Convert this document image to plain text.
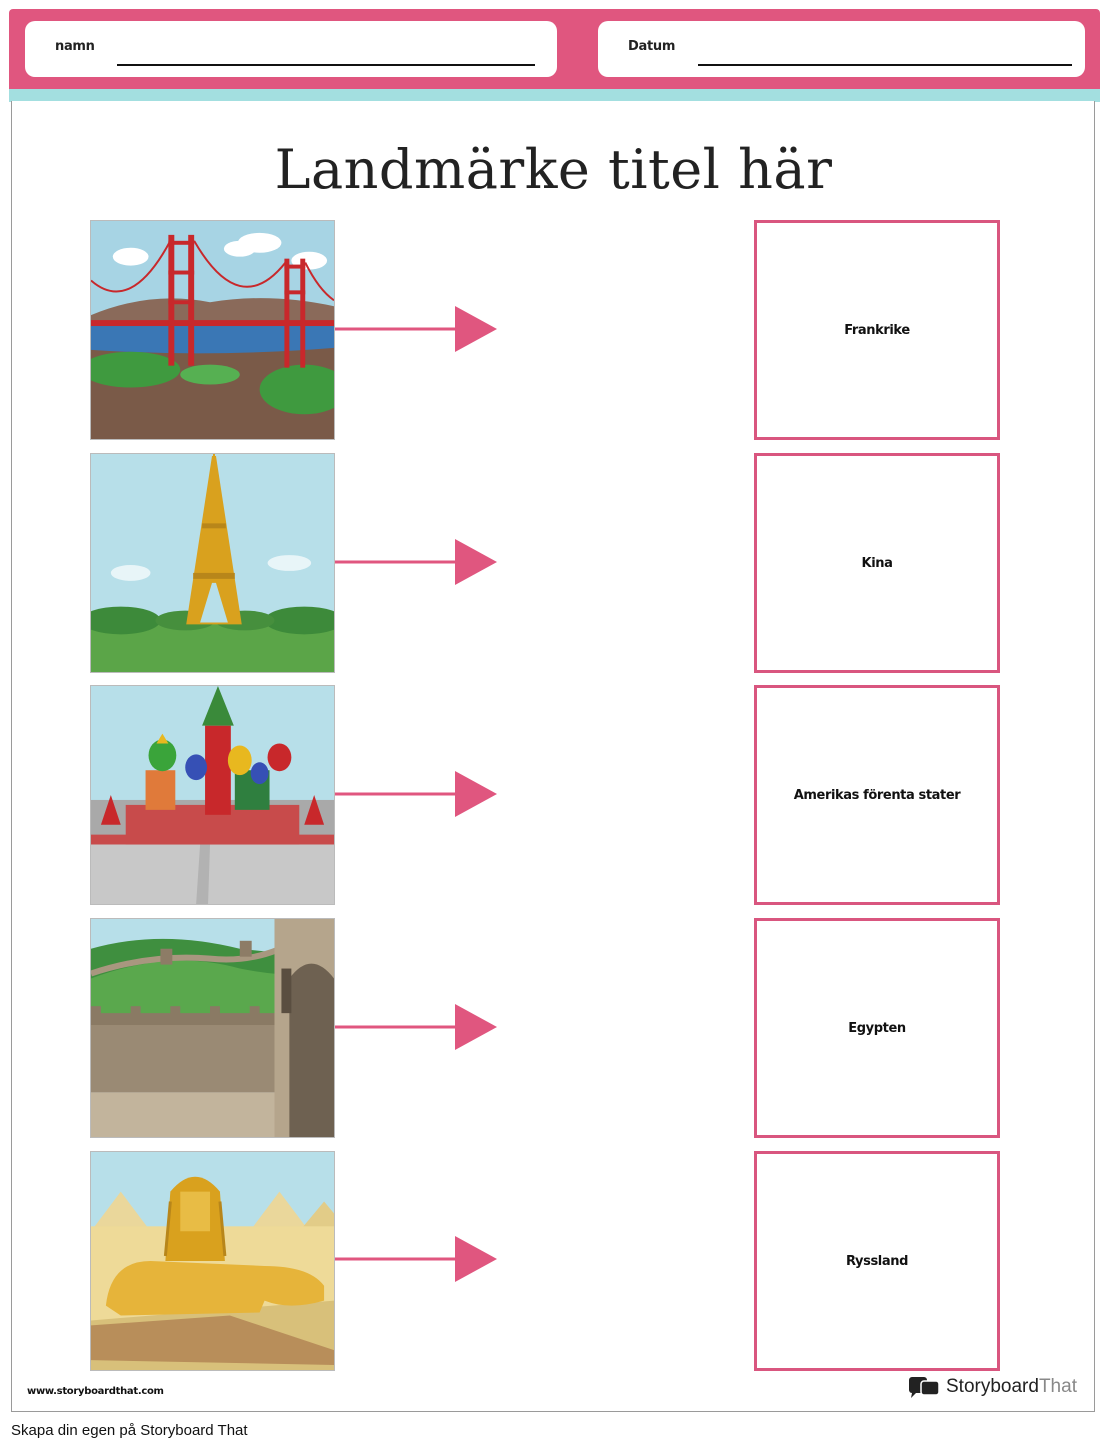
namn	Datum
Landmärke titel här
Frankrike
Kina
Amerikas förenta stater
Egypten
Ryssland
www.storyboardthat.com	StoryboardThat
Skapa din egen på Storyboard That
